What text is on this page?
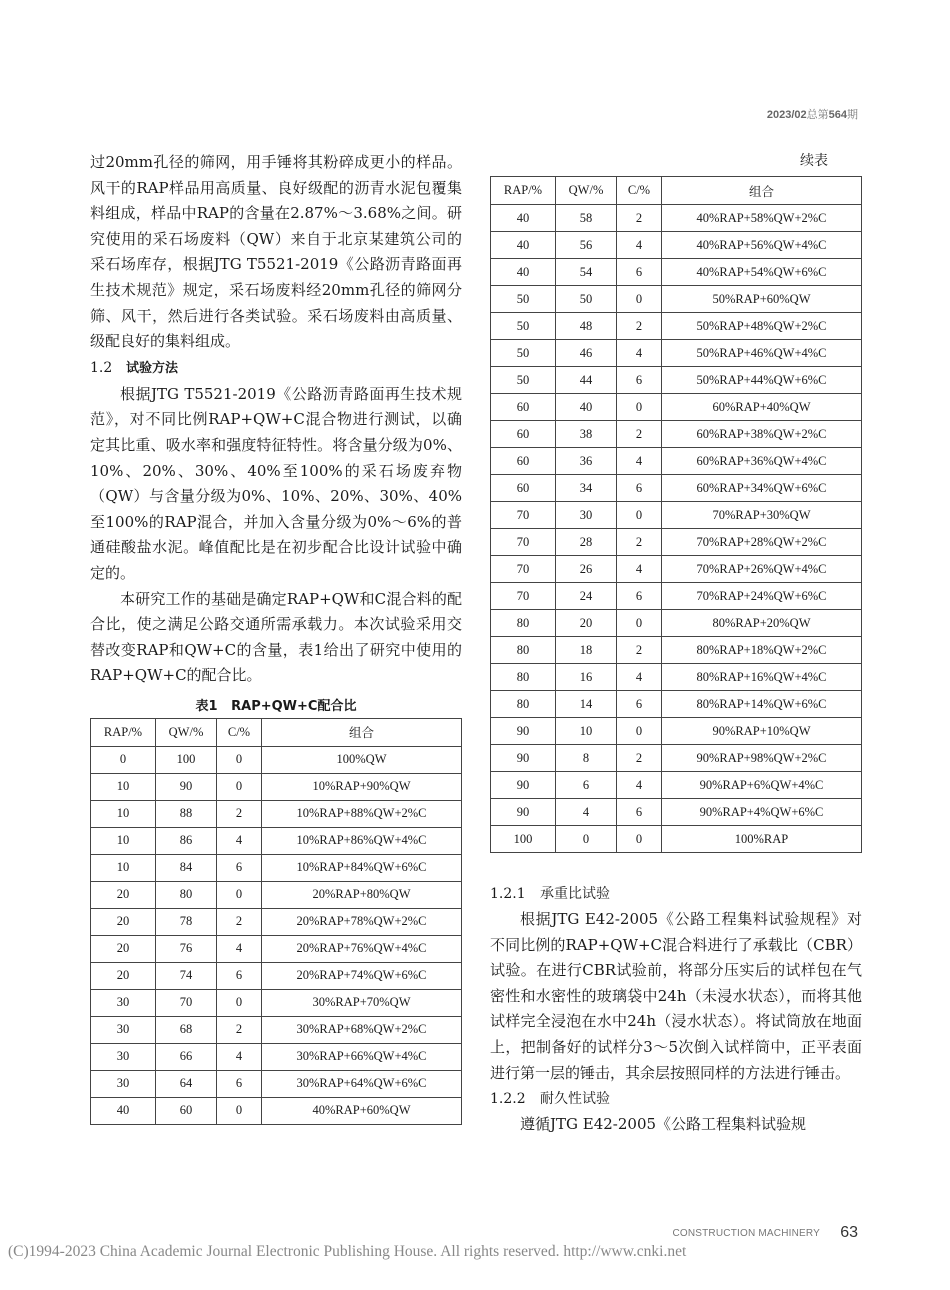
2023/02总第564期

过20mm孔径的筛网，用手锤将其粉碎成更小的样品。风干的RAP样品用高质量、良好级配的沥青水泥包覆集料组成，样品中RAP的含量在2.87%～3.68%之间。研究使用的采石场废料（QW）来自于北京某建筑公司的采石场库存，根据JTG T5521-2019《公路沥青路面再生技术规范》规定，采石场废料经20mm孔径的筛网分筛、风干，然后进行各类试验。采石场废料由高质量、级配良好的集料组成。

1.2 试验方法

根据JTG T5521-2019《公路沥青路面再生技术规范》，对不同比例RAP+QW+C混合物进行测试，以确定其比重、吸水率和强度特征特性。将含量分级为0%、10%、20%、30%、40%至100%的采石场废弃物（QW）与含量分级为0%、10%、20%、30%、40%至100%的RAP混合，并加入含量分级为0%～6%的普通硅酸盐水泥。峰值配比是在初步配合比设计试验中确定的。

本研究工作的基础是确定RAP+QW和C混合料的配合比，使之满足公路交通所需承载力。本次试验采用交替改变RAP和QW+C的含量，表1给出了研究中使用的RAP+QW+C的配合比。

表1 RAP+QW+C配合比
RAP/%	QW/%	C/%	组合
0	100	0	100%QW
10	90	0	10%RAP+90%QW
10	88	2	10%RAP+88%QW+2%C
10	86	4	10%RAP+86%QW+4%C
10	84	6	10%RAP+84%QW+6%C
20	80	0	20%RAP+80%QW
20	78	2	20%RAP+78%QW+2%C
20	76	4	20%RAP+76%QW+4%C
20	74	6	20%RAP+74%QW+6%C
30	70	0	30%RAP+70%QW
30	68	2	30%RAP+68%QW+2%C
30	66	4	30%RAP+66%QW+4%C
30	64	6	30%RAP+64%QW+6%C
40	60	0	40%RAP+60%QW

续表

RAP/%	QW/%	C/%	组合
40	58	2	40%RAP+58%QW+2%C
40	56	4	40%RAP+56%QW+4%C
40	54	6	40%RAP+54%QW+6%C
50	50	0	50%RAP+60%QW
50	48	2	50%RAP+48%QW+2%C
50	46	4	50%RAP+46%QW+4%C
50	44	6	50%RAP+44%QW+6%C
60	40	0	60%RAP+40%QW
60	38	2	60%RAP+38%QW+2%C
60	36	4	60%RAP+36%QW+4%C
60	34	6	60%RAP+34%QW+6%C
70	30	0	70%RAP+30%QW
70	28	2	70%RAP+28%QW+2%C
70	26	4	70%RAP+26%QW+4%C
70	24	6	70%RAP+24%QW+6%C
80	20	0	80%RAP+20%QW
80	18	2	80%RAP+18%QW+2%C
80	16	4	80%RAP+16%QW+4%C
80	14	6	80%RAP+14%QW+6%C
90	10	0	90%RAP+10%QW
90	8	2	90%RAP+98%QW+2%C
90	6	4	90%RAP+6%QW+4%C
90	4	6	90%RAP+4%QW+6%C
100	0	0	100%RAP

1.2.1 承重比试验

根据JTG E42-2005《公路工程集料试验规程》对不同比例的RAP+QW+C混合料进行了承载比（CBR）试验。在进行CBR试验前，将部分压实后的试样包在气密性和水密性的玻璃袋中24h（未浸水状态），而将其他试样完全浸泡在水中24h（浸水状态）。将试筒放在地面上，把制备好的试样分3～5次倒入试样筒中，正平表面进行第一层的锤击，其余层按照同样的方法进行锤击。

1.2.2 耐久性试验

遵循JTG E42-2005《公路工程集料试验规

CONSTRUCTION MACHINERY 63
(C)1994-2023 China Academic Journal Electronic Publishing House. All rights reserved. http://www.cnki.net
